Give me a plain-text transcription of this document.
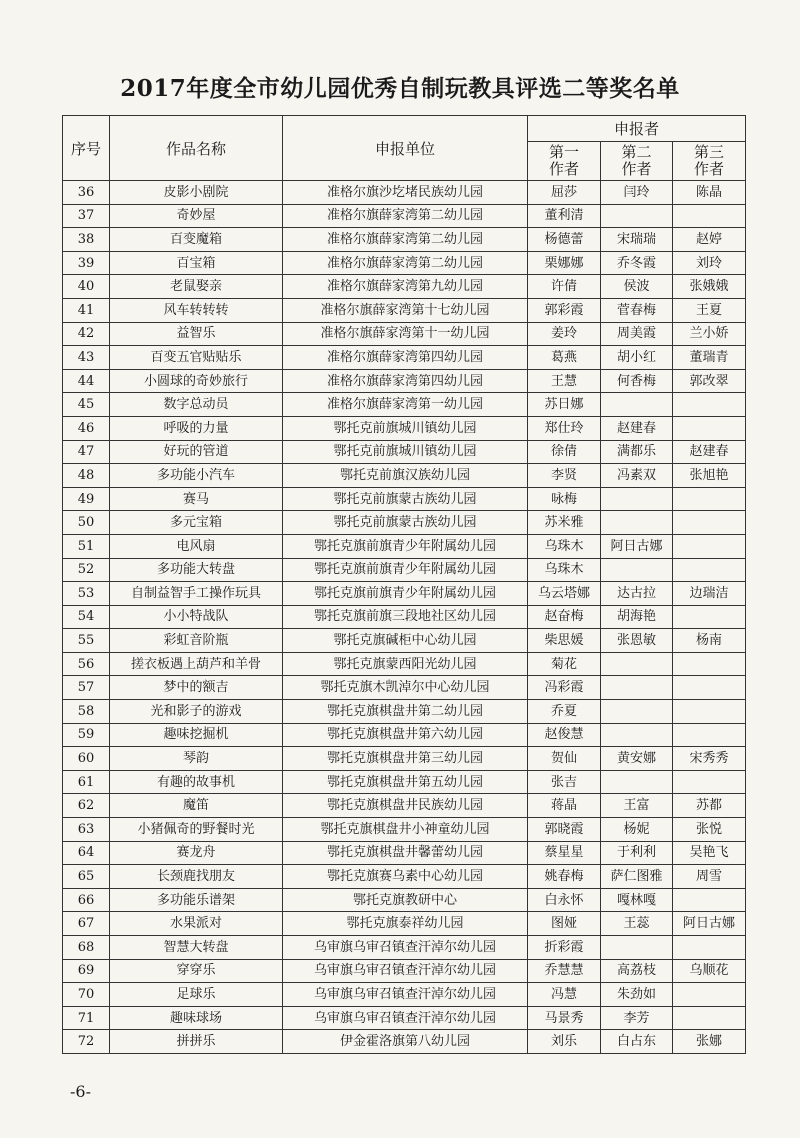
2017年度全市幼儿园优秀自制玩教具评选二等奖名单
序号	作品名称	申报单位	申报者		

			第一作者	第二作者	第三作者

36	皮影小剧院	准格尔旗沙圪堵民族幼儿园	屈莎	闫玲	陈晶
37	奇妙屋	准格尔旗薛家湾第二幼儿园	董利清		
38	百变魔箱	准格尔旗薛家湾第二幼儿园	杨德蕾	宋瑞瑞	赵婷
39	百宝箱	准格尔旗薛家湾第二幼儿园	栗娜娜	乔冬霞	刘玲
40	老鼠娶亲	准格尔旗薛家湾第九幼儿园	许倩	侯波	张娥娥
41	风车转转转	准格尔旗薛家湾第十七幼儿园	郭彩霞	菅春梅	王夏
42	益智乐	准格尔旗薛家湾第十一幼儿园	姜玲	周美霞	兰小娇
43	百变五官贴贴乐	准格尔旗薛家湾第四幼儿园	葛燕	胡小红	董瑞青
44	小圆球的奇妙旅行	准格尔旗薛家湾第四幼儿园	王慧	何香梅	郭改翠
45	数字总动员	准格尔旗薛家湾第一幼儿园	苏日娜		
46	呼吸的力量	鄂托克前旗城川镇幼儿园	郑仕玲	赵建春	
47	好玩的管道	鄂托克前旗城川镇幼儿园	徐倩	满都乐	赵建春
48	多功能小汽车	鄂托克前旗汉族幼儿园	李贤	冯素双	张旭艳
49	赛马	鄂托克前旗蒙古族幼儿园	咏梅		
50	多元宝箱	鄂托克前旗蒙古族幼儿园	苏米雅		
51	电风扇	鄂托克旗前旗青少年附属幼儿园	乌珠木	阿日古娜	
52	多功能大转盘	鄂托克旗前旗青少年附属幼儿园	乌珠木		
53	自制益智手工操作玩具	鄂托克旗前旗青少年附属幼儿园	乌云塔娜	达古拉	边瑞洁
54	小小特战队	鄂托克旗前旗三段地社区幼儿园	赵奋梅	胡海艳	
55	彩虹音阶瓶	鄂托克旗碱柜中心幼儿园	柴思媛	张恩敏	杨南
56	搓衣板遇上葫芦和羊骨	鄂托克旗蒙西阳光幼儿园	菊花		
57	梦中的额吉	鄂托克旗木凯淖尔中心幼儿园	冯彩霞		
58	光和影子的游戏	鄂托克旗棋盘井第二幼儿园	乔夏		
59	趣味挖掘机	鄂托克旗棋盘井第六幼儿园	赵俊慧		
60	琴韵	鄂托克旗棋盘井第三幼儿园	贺仙	黄安娜	宋秀秀
61	有趣的故事机	鄂托克旗棋盘井第五幼儿园	张吉		
62	魔笛	鄂托克旗棋盘井民族幼儿园	蒋晶	王富	苏都
63	小猪佩奇的野餐时光	鄂托克旗棋盘井小神童幼儿园	郭晓霞	杨妮	张悦
64	赛龙舟	鄂托克旗棋盘井馨蕾幼儿园	蔡星星	于利利	吴艳飞
65	长颈鹿找朋友	鄂托克旗赛乌素中心幼儿园	姚春梅	萨仁图雅	周雪
66	多功能乐谱架	鄂托克旗教研中心	白永怀	嘎林嘎	
67	水果派对	鄂托克旗泰祥幼儿园	图娅	王蕊	阿日古娜
68	智慧大转盘	乌审旗乌审召镇查汗淖尔幼儿园	折彩霞		
69	穿穿乐	乌审旗乌审召镇查汗淖尔幼儿园	乔慧慧	高荔枝	乌顺花
70	足球乐	乌审旗乌审召镇查汗淖尔幼儿园	冯慧	朱劲如	
71	趣味球场	乌审旗乌审召镇查汗淖尔幼儿园	马景秀	李芳	
72	拼拼乐	伊金霍洛旗第八幼儿园	刘乐	白占东	张娜
-6-
